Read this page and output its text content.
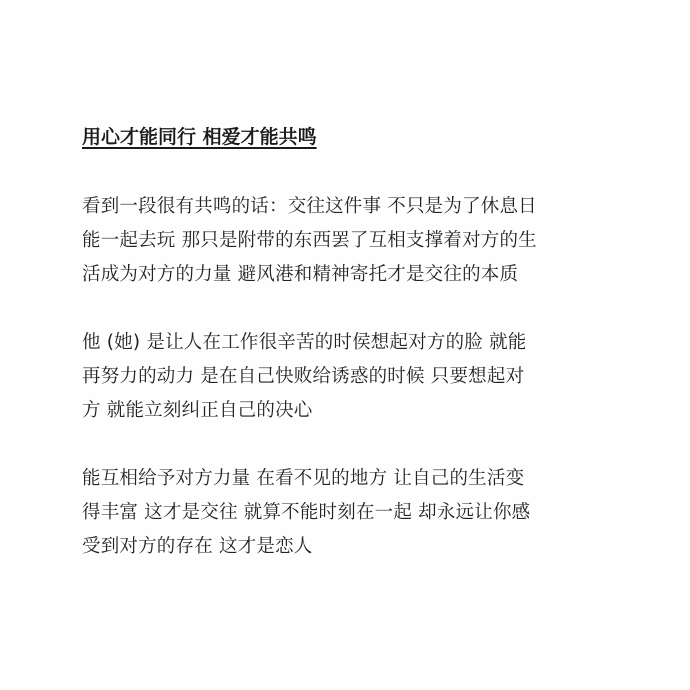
用心才能同行 相爱才能共鸣
看到一段很有共鸣的话：交往这件事 不只是为了休息日
能一起去玩 那只是附带的东西罢了互相支撑着对方的生
活成为对方的力量 避风港和精神寄托才是交往的本质
他 (她) 是让人在工作很辛苦的时侯想起对方的脸 就能
再努力的动力 是在自己快败给诱惑的时候 只要想起对
方 就能立刻纠正自己的决心
能互相给予对方力量 在看不见的地方 让自己的生活变
得丰富 这才是交往 就算不能时刻在一起 却永远让你感
受到对方的存在 这才是恋人
